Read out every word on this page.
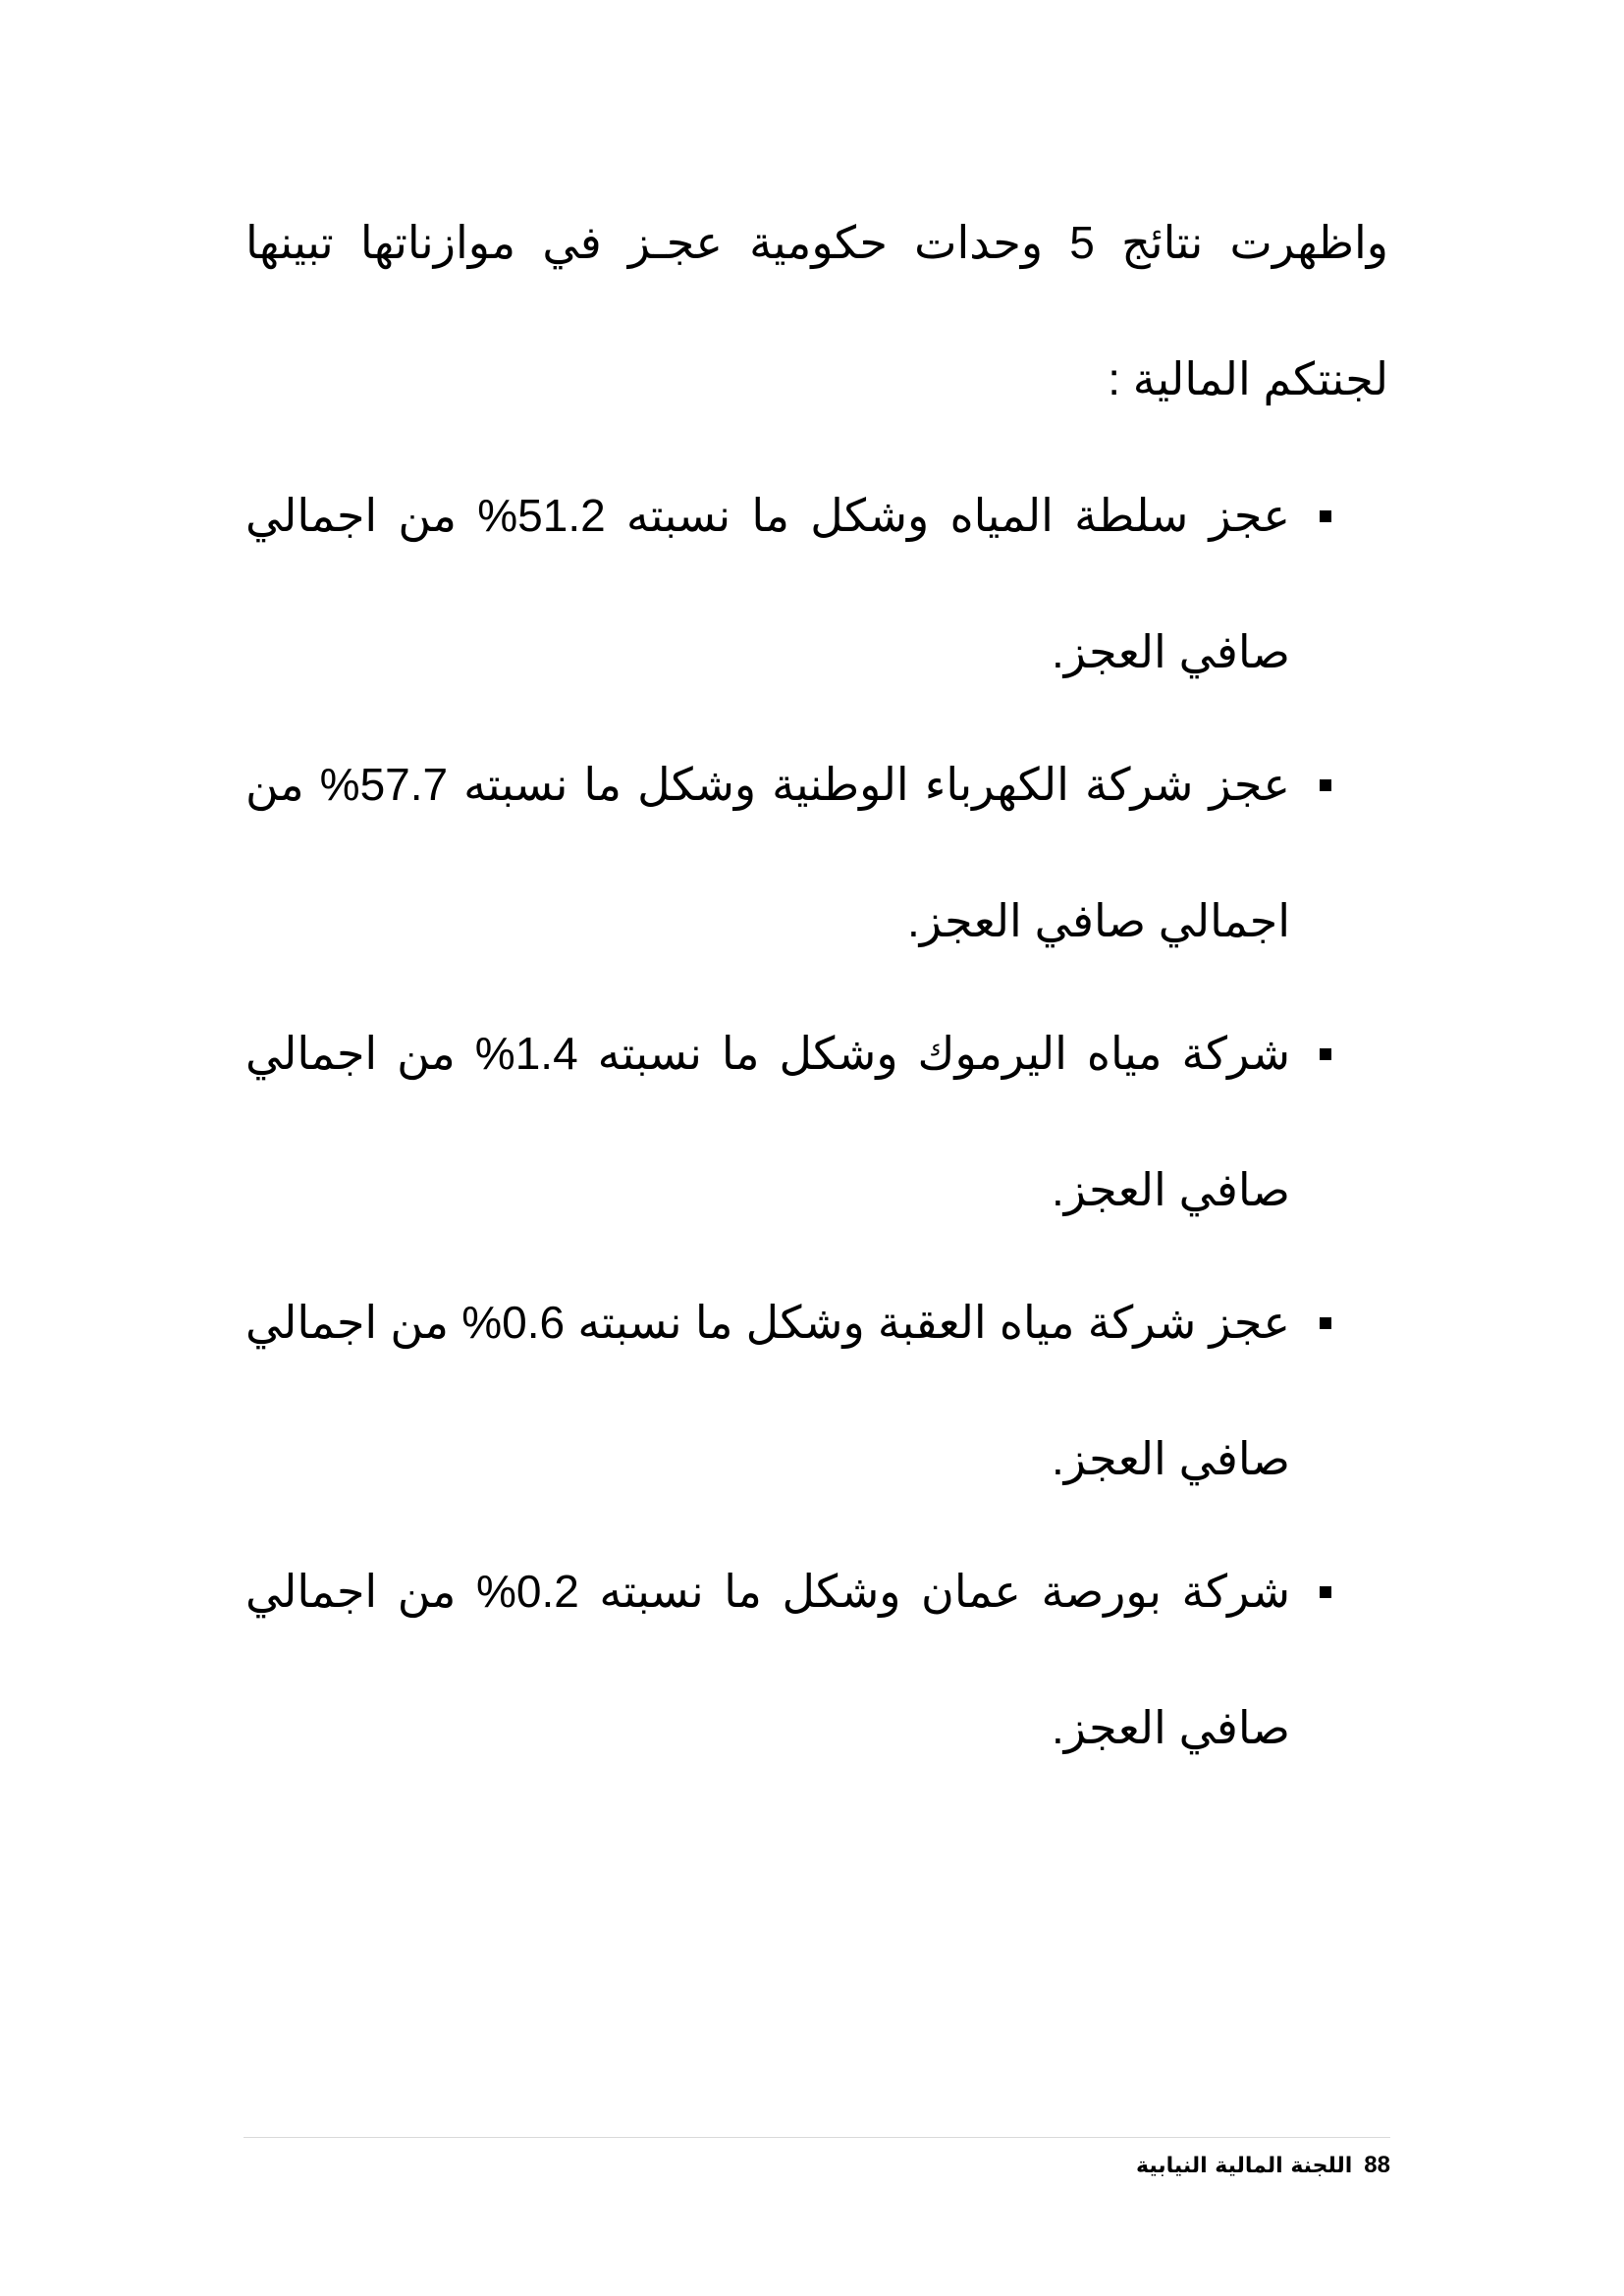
واظهرت نتائج 5 وحدات حكومية عجـز في موازناتها تبينها لجنتكم المالية :

عجز سلطة المياه وشكل ما نسبته 51.2% من اجمالي صافي العجز.
عجز شركة الكهرباء الوطنية وشكل ما نسبته 57.7% من اجمالي صافي العجز.
شركة مياه اليرموك وشكل ما نسبته 1.4% من اجمالي صافي العجز.
عجز شركة مياه العقبة وشكل ما نسبته 0.6% من اجمالي صافي العجز.
شركة بورصة عمان وشكل ما نسبته 0.2% من اجمالي صافي العجز.
88
اللجنة المالية النيابية
